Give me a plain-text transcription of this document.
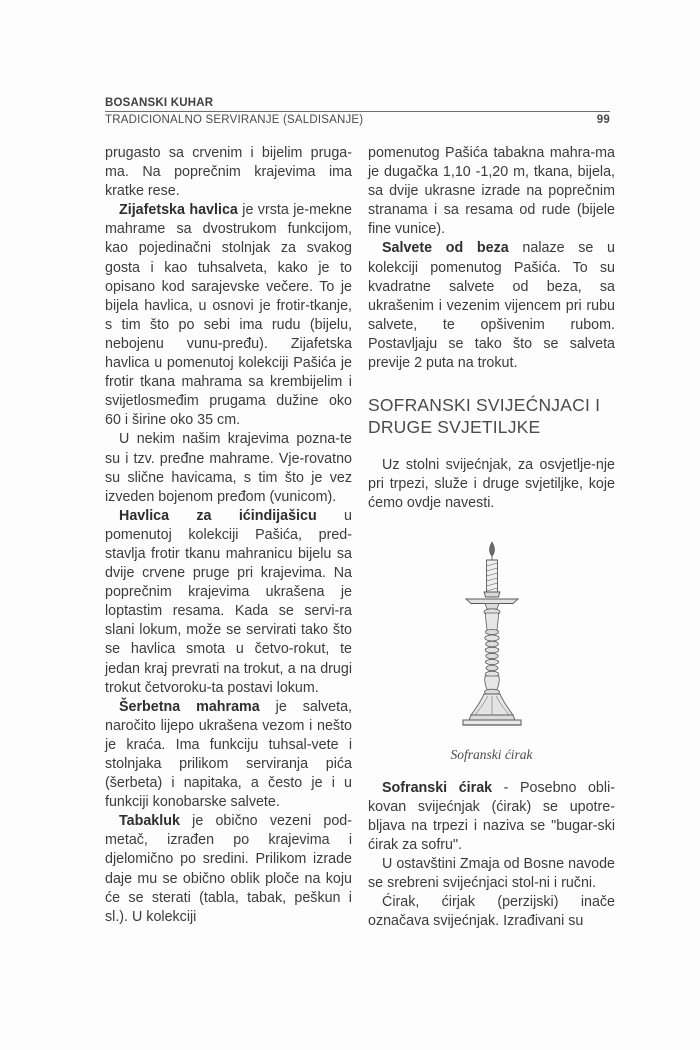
BOSANSKI KUHAR
TRADICIONALNO SERVIRANJE (SALDISANJE)	99

prugasto sa crvenim i bijelim pruga-ma. Na poprečnim krajevima ima kratke rese.

Zijafetska havlica je vrsta je-mekne mahrame sa dvostrukom funkcijom, kao pojedinačni stolnjak za svakog gosta i kao tuhsalveta, kako je to opisano kod sarajevske večere. To je bijela havlica, u osnovi je frotir-tkanje, s tim što po sebi ima rudu (bijelu, nebojenu vunu-pređu). Zijafetska havlica u pomenutoj kolekciji Pašića je frotir tkana mahrama sa krembijelim i svijetlosmeđim prugama dužine oko 60 i širine oko 35 cm.

U nekim našim krajevima pozna-te su i tzv. pređne mahrame. Vje-rovatno su slične havicama, s tim što je vez izveden bojenom pređom (vunicom).

Havlica za ićindijašicu u pomenutoj kolekciji Pašića, pred-stavlja frotir tkanu mahranicu bijelu sa dvije crvene pruge pri krajevima. Na poprečnim krajevima ukrašena je loptastim resama. Kada se servi-ra slani lokum, može se servirati tako što se havlica smota u četvo-rokut, te jedan kraj prevrati na trokut, a na drugi trokut četvoroku-ta postavi lokum.

Šerbetna mahrama je salveta, naročito lijepo ukrašena vezom i nešto je kraća. Ima funkciju tuhsal-vete i stolnjaka prilikom serviranja pića (šerbeta) i napitaka, a često je i u funkciji konobarske salvete.

Tabakluk je obično vezeni pod-metač, izrađen po krajevima i djelomično po sredini. Prilikom izrade daje mu se obično oblik ploče na koju će se sterati (tabla, tabak, peškun i sl.). U kolekciji

pomenutog Pašića tabakna mahra-ma je dugačka 1,10 -1,20 m, tkana, bijela, sa dvije ukrasne izrade na poprečnim stranama i sa resama od rude (bijele fine vunice).

Salvete od beza nalaze se u kolekciji pomenutog Pašića. To su kvadratne salvete od beza, sa ukrašenim i vezenim vijencem pri rubu salvete, te opšivenim rubom. Postavljaju se tako što se salveta previje 2 puta na trokut.

SOFRANSKI SVIJEĆNJACI I DRUGE SVJETILJKE

Uz stolni svijećnjak, za osvjetlje-nje pri trpezi, služe i druge svjetiljke, koje ćemo ovdje navesti.

Sofranski ćirak

Sofranski ćirak - Posebno obli-kovan svijećnjak (ćirak) se upotre-bljava na trpezi i naziva se "bugar-ski ćirak za sofru".

U ostavštini Zmaja od Bosne navode se srebreni svijećnjaci stol-ni i ručni.

Ćirak, ćirjak (perzijski) inače označava svijećnjak. Izrađivani su
